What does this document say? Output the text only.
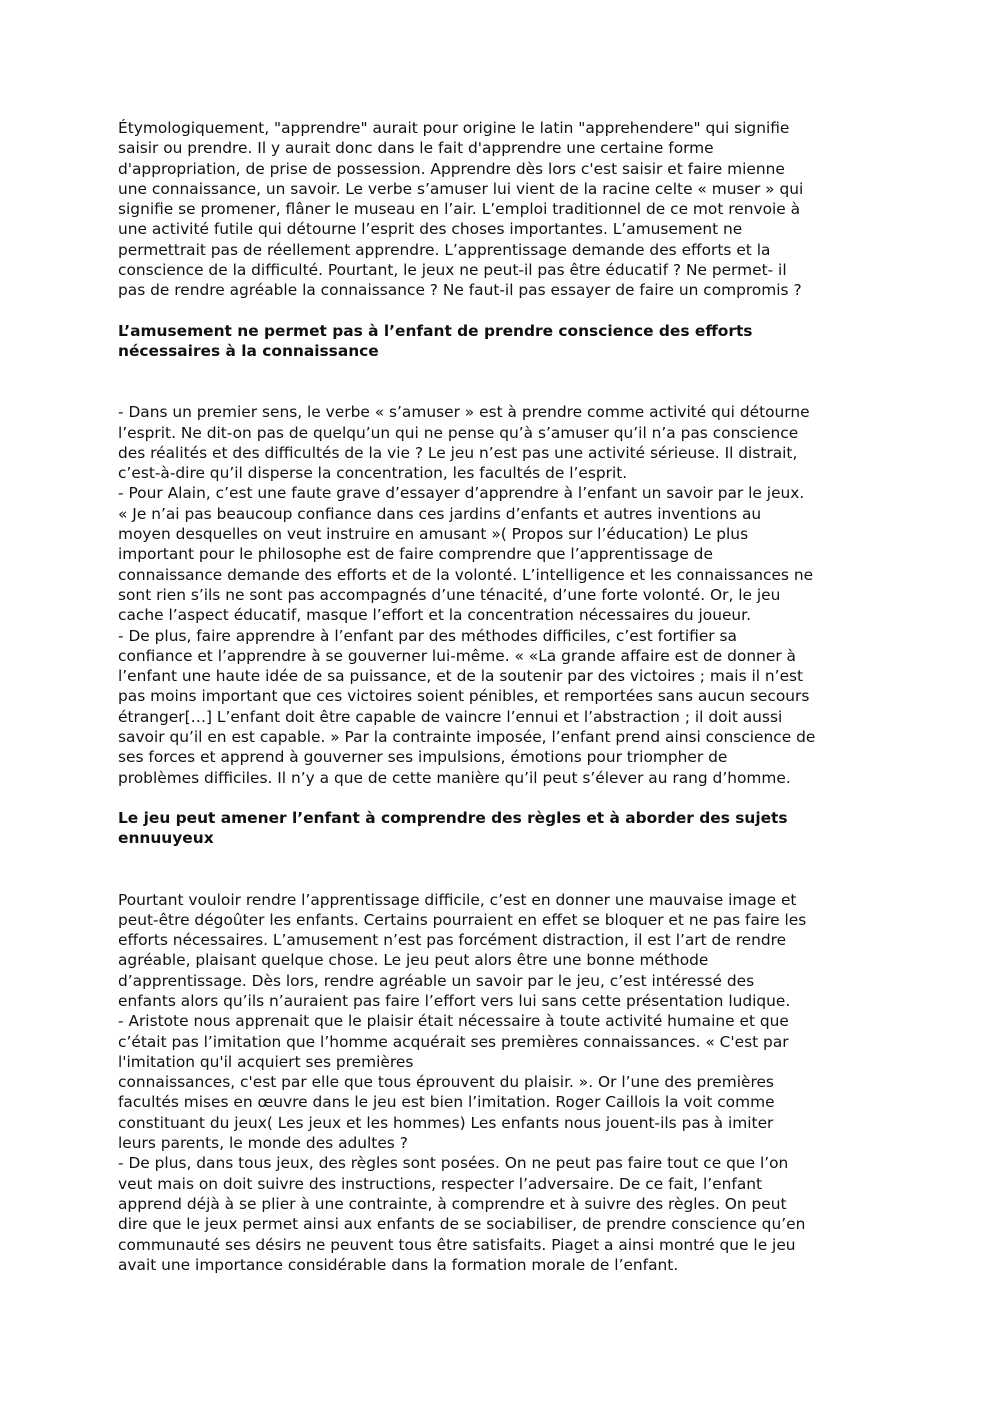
Étymologiquement, "apprendre" aurait pour origine le latin "apprehendere" qui signifie
saisir ou prendre. Il y aurait donc dans le fait d'apprendre une certaine forme
d'appropriation, de prise de possession. Apprendre dès lors c'est saisir et faire mienne
une connaissance, un savoir. Le verbe s’amuser lui vient de la racine celte « muser » qui
signifie se promener, flâner le museau en l’air. L’emploi traditionnel de ce mot renvoie à
une activité futile qui détourne l’esprit des choses importantes. L’amusement ne
permettrait pas de réellement apprendre. L’apprentissage demande des efforts et la
conscience de la difficulté. Pourtant, le jeux ne peut-il pas être éducatif ? Ne permet- il
pas de rendre agréable la connaissance ? Ne faut-il pas essayer de faire un compromis ?
L’amusement ne permet pas à l’enfant de prendre conscience des efforts
nécessaires à la connaissance
- Dans un premier sens, le verbe « s’amuser » est à prendre comme activité qui détourne
l’esprit. Ne dit-on pas de quelqu’un qui ne pense qu’à s’amuser qu’il n’a pas conscience
des réalités et des difficultés de la vie ? Le jeu n’est pas une activité sérieuse. Il distrait,
c’est-à-dire qu’il disperse la concentration, les facultés de l’esprit.
- Pour Alain, c’est une faute grave d’essayer d’apprendre à l’enfant un savoir par le jeux.
« Je n’ai pas beaucoup confiance dans ces jardins d’enfants et autres inventions au
moyen desquelles on veut instruire en amusant »( Propos sur l’éducation) Le plus
important pour le philosophe est de faire comprendre que l’apprentissage de
connaissance demande des efforts et de la volonté. L’intelligence et les connaissances ne
sont rien s’ils ne sont pas accompagnés d’une ténacité, d’une forte volonté. Or, le jeu
cache l’aspect éducatif, masque l’effort et la concentration nécessaires du joueur.
- De plus, faire apprendre à l’enfant par des méthodes difficiles, c’est fortifier sa
confiance et l’apprendre à se gouverner lui-même. « «La grande affaire est de donner à
l’enfant une haute idée de sa puissance, et de la soutenir par des victoires ; mais il n’est
pas moins important que ces victoires soient pénibles, et remportées sans aucun secours
étranger[…] L’enfant doit être capable de vaincre l’ennui et l’abstraction ; il doit aussi
savoir qu’il en est capable. » Par la contrainte imposée, l’enfant prend ainsi conscience de
ses forces et apprend à gouverner ses impulsions, émotions pour triompher de
problèmes difficiles. Il n’y a que de cette manière qu’il peut s’élever au rang d’homme.
Le jeu peut amener l’enfant à comprendre des règles et à aborder des sujets
ennuuyeux
Pourtant vouloir rendre l’apprentissage difficile, c’est en donner une mauvaise image et
peut-être dégoûter les enfants. Certains pourraient en effet se bloquer et ne pas faire les
efforts nécessaires. L’amusement n’est pas forcément distraction, il est l’art de rendre
agréable, plaisant quelque chose. Le jeu peut alors être une bonne méthode
d’apprentissage. Dès lors, rendre agréable un savoir par le jeu, c’est intéressé des
enfants alors qu’ils n’auraient pas faire l’effort vers lui sans cette présentation ludique.
- Aristote nous apprenait que le plaisir était nécessaire à toute activité humaine et que
c’était pas l’imitation que l’homme acquérait ses premières connaissances. « C'est par
l'imitation qu'il acquiert ses premières
connaissances, c'est par elle que tous éprouvent du plaisir. ». Or l’une des premières
facultés mises en œuvre dans le jeu est bien l’imitation. Roger Caillois la voit comme
constituant du jeux( Les jeux et les hommes) Les enfants nous jouent-ils pas à imiter
leurs parents, le monde des adultes ?
- De plus, dans tous jeux, des règles sont posées. On ne peut pas faire tout ce que l’on
veut mais on doit suivre des instructions, respecter l’adversaire. De ce fait, l’enfant
apprend déjà à se plier à une contrainte, à comprendre et à suivre des règles. On peut
dire que le jeux permet ainsi aux enfants de se sociabiliser, de prendre conscience qu’en
communauté ses désirs ne peuvent tous être satisfaits. Piaget a ainsi montré que le jeu
avait une importance considérable dans la formation morale de l’enfant.
